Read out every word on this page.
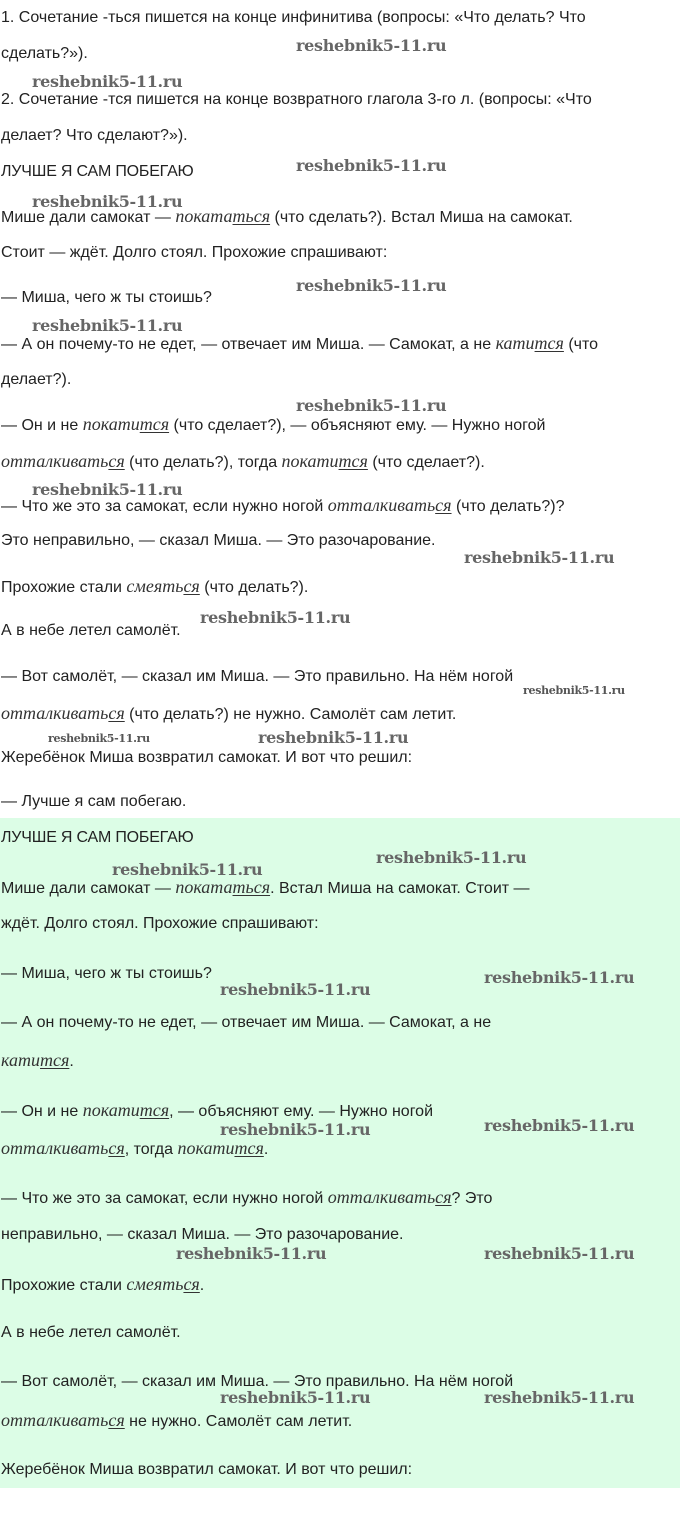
1. Сочетание -ться пишется на конце инфинитива (вопросы: «Что делать? Что
сделать?»).
2. Сочетание -тся пишется на конце возвратного глагола 3-го л. (вопросы: «Что
делает? Что сделают?»).
ЛУЧШЕ Я САМ ПОБЕГАЮ
Мише дали самокат — покататься (что сделать?). Встал Миша на самокат.
Стоит — ждёт. Долго стоял. Прохожие спрашивают:
— Миша, чего ж ты стоишь?
— А он почему-то не едет, — отвечает им Миша. — Самокат, а не катится (что
делает?).
— Он и не покатится (что сделает?), — объясняют ему. — Нужно ногой
отталкиваться (что делать?), тогда покатится (что сделает?).
— Что же это за самокат, если нужно ногой отталкиваться (что делать?)?
Это неправильно, — сказал Миша. — Это разочарование.
Прохожие стали смеяться (что делать?).
А в небе летел самолёт.
— Вот самолёт, — сказал им Миша. — Это правильно. На нём ногой
отталкиваться (что делать?) не нужно. Самолёт сам летит.
Жеребёнок Миша возвратил самокат. И вот что решил:
— Лучше я сам побегаю.
ЛУЧШЕ Я САМ ПОБЕГАЮ
Мише дали самокат — покататься. Встал Миша на самокат. Стоит —
ждёт. Долго стоял. Прохожие спрашивают:
— Миша, чего ж ты стоишь?
— А он почему-то не едет, — отвечает им Миша. — Самокат, а не
катится.
— Он и не покатится, — объясняют ему. — Нужно ногой
отталкиваться, тогда покатится.
— Что же это за самокат, если нужно ногой отталкиваться? Это
неправильно, — сказал Миша. — Это разочарование.
Прохожие стали смеяться.
А в небе летел самолёт.
— Вот самолёт, — сказал им Миша. — Это правильно. На нём ногой
отталкиваться не нужно. Самолёт сам летит.
Жеребёнок Миша возвратил самокат. И вот что решил:
reshebnik5-11.ru
reshebnik5-11.ru
reshebnik5-11.ru
reshebnik5-11.ru
reshebnik5-11.ru
reshebnik5-11.ru
reshebnik5-11.ru
reshebnik5-11.ru
reshebnik5-11.ru
reshebnik5-11.ru
reshebnik5-11.ru
reshebnik5-11.ru	reshebnik5-11.ru
reshebnik5-11.ru
reshebnik5-11.ru
reshebnik5-11.ru
reshebnik5-11.ru
reshebnik5-11.ru	reshebnik5-11.ru
reshebnik5-11.ru	reshebnik5-11.ru
reshebnik5-11.ru	reshebnik5-11.ru
